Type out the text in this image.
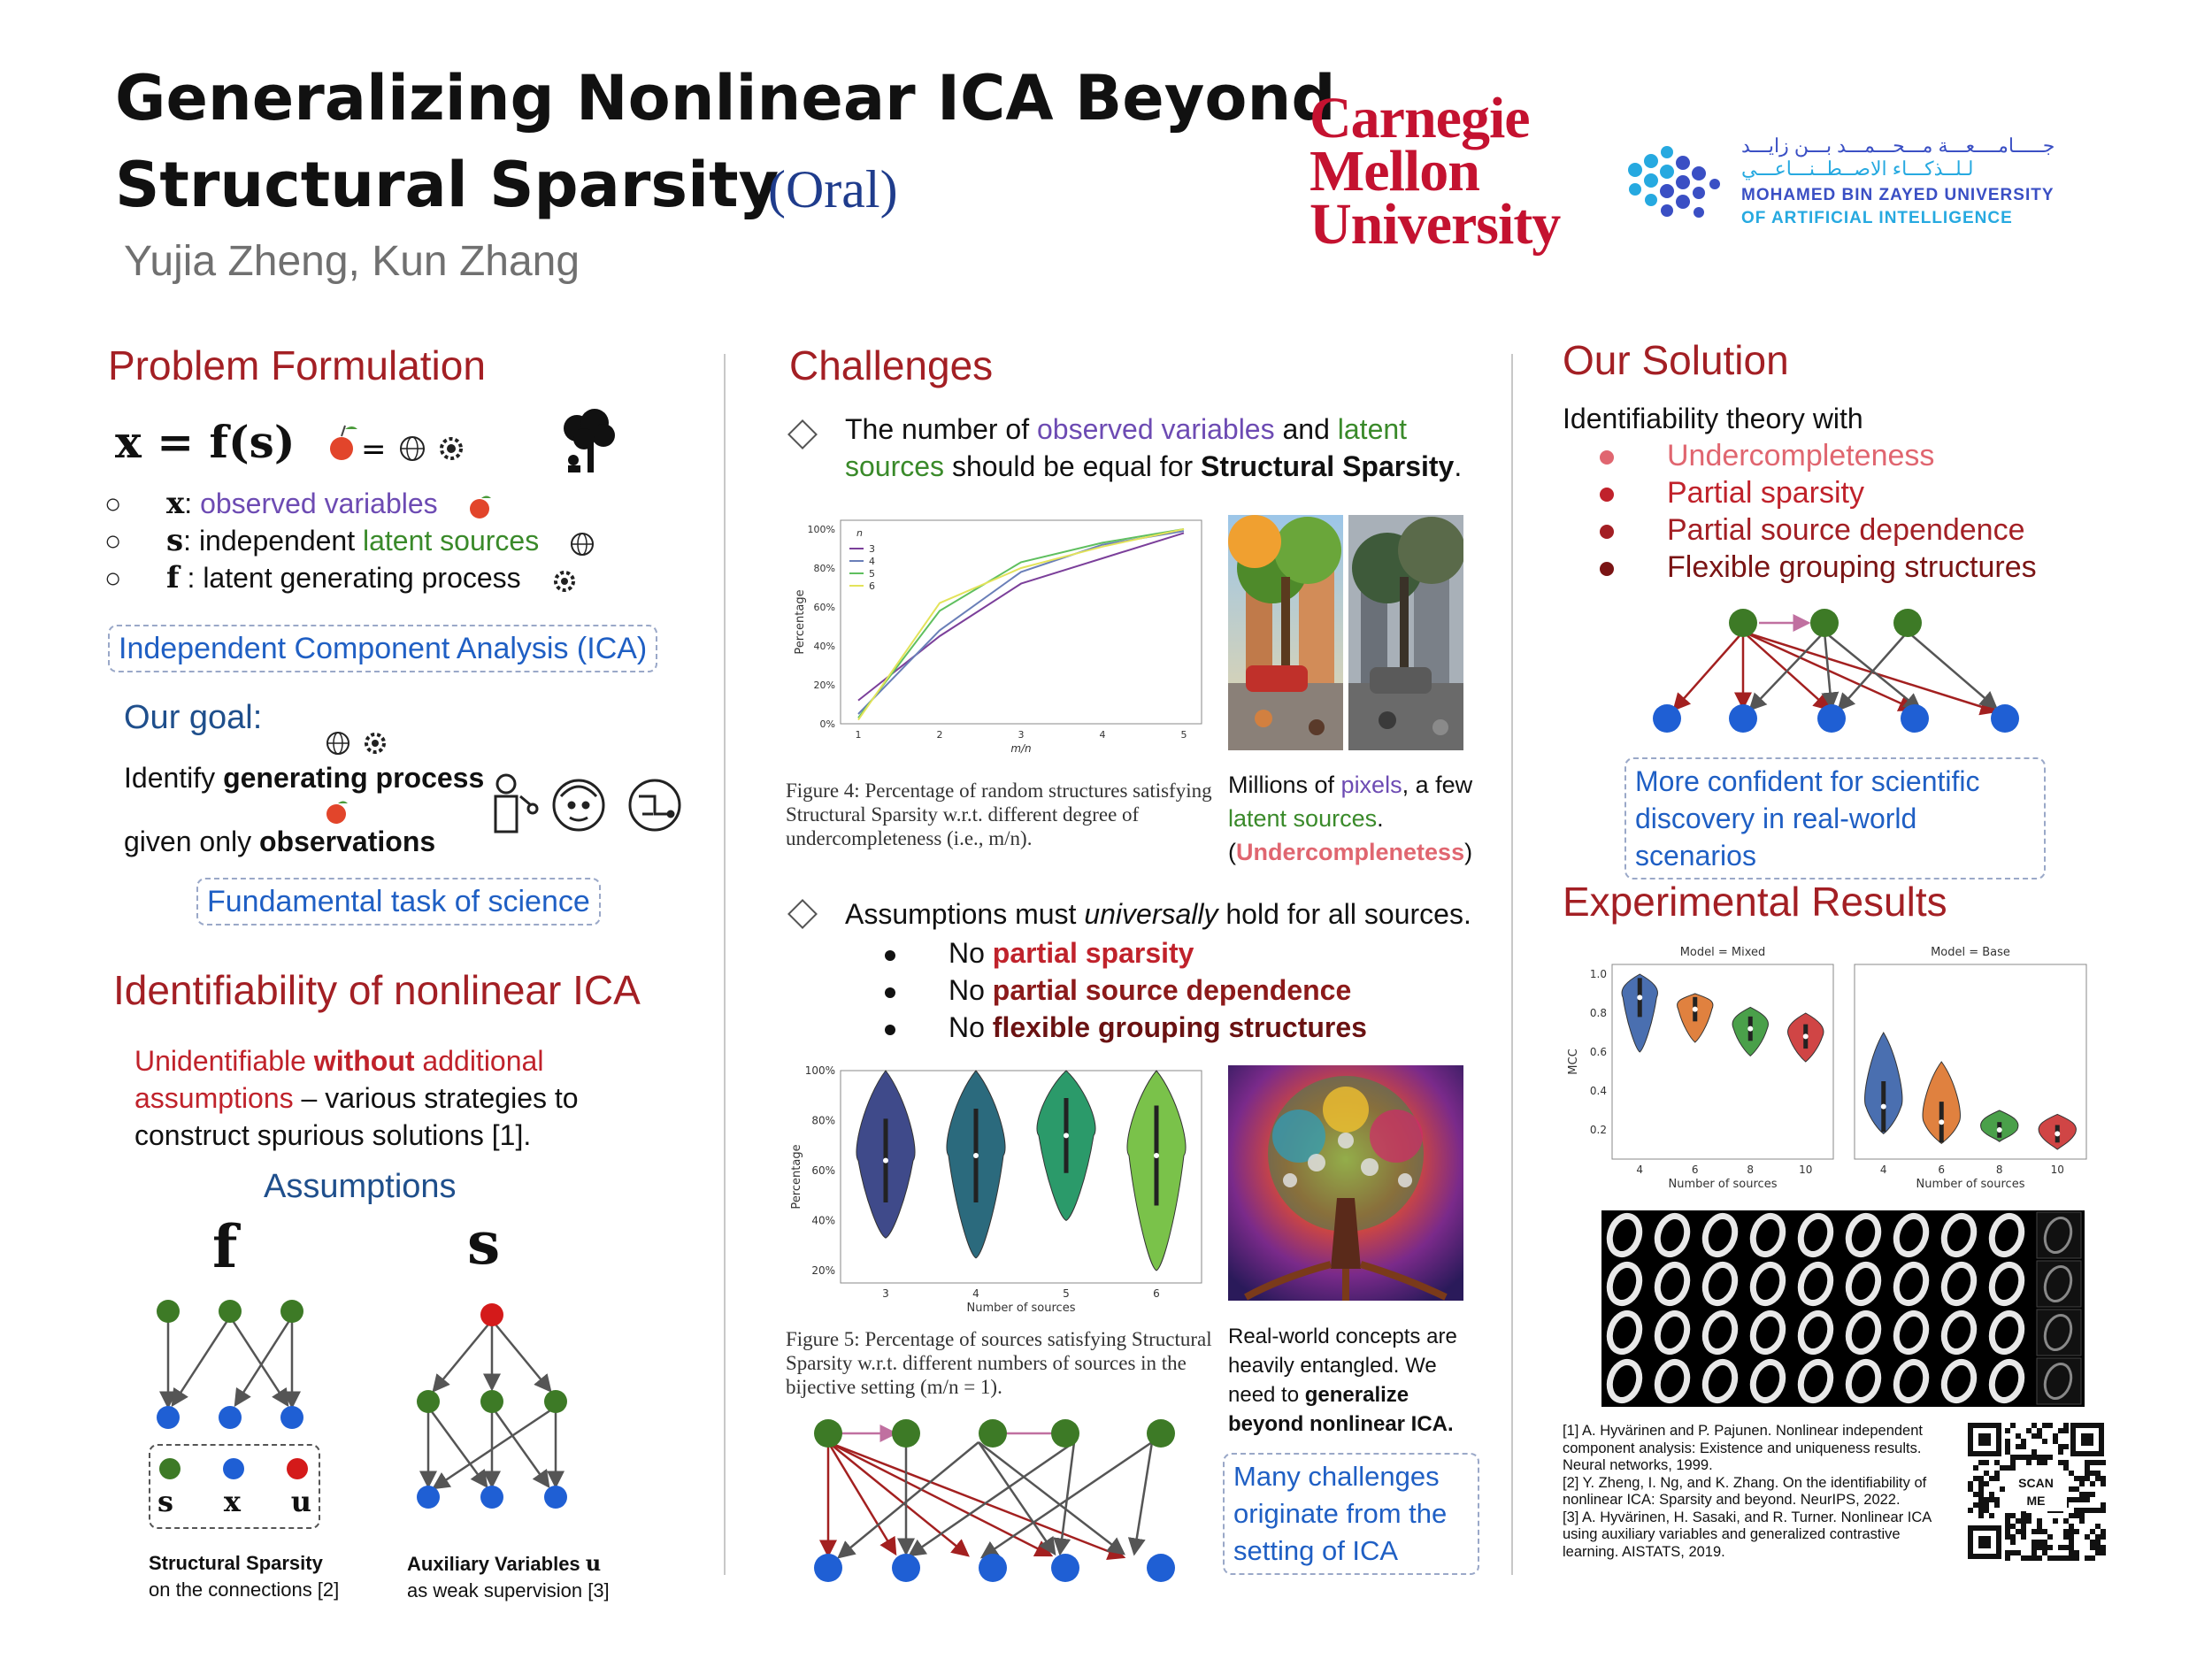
Generalizing Nonlinear ICA Beyond
Structural Sparsity
(Oral)
Yujia Zheng, Kun Zhang
Carnegie
Mellon
University
جـــــامــــعـــة مـــحـــمـــد بـــن زايـــد
لـلــذكـــاء الاصــطــنـــاعـــي
MOHAMED BIN ZAYED UNIVERSITY
OF ARTIFICIAL INTELLIGENCE
Problem Formulation
x = f(s) =
○ x: observed variables
○ s: independent latent sources
○ f : latent generating process
Independent Component Analysis (ICA)
Our goal:
Identify generating process
given only observations
Fundamental task of science
Identifiability of nonlinear ICA
Unidentifiable without additional
assumptions – various strategies to construct spurious solutions [1].
Assumptions
f	s
s x u
Structural Sparsity
on the connections [2]
Auxiliary Variables u
as weak supervision [3]
Challenges
The number of observed variables and latent sources should be equal for Structural Sparsity.
0%
20%
40%
60%
80%
100%
1	2	3	4	5
m/n
Percentage
n
3
4
5
6
Figure 4: Percentage of random structures satisfying Structural Sparsity w.r.t. different degree of undercompleteness (i.e., m/n).
Millions of pixels, a few latent sources.
(Undercomplenetess)
Assumptions must universally hold for all sources.
No partial sparsity
No partial source dependence
No flexible grouping structures
20%
40%
60%
80%
100%
Percentage
3	4	5	6
Number of sources
Figure 5: Percentage of sources satisfying Structural Sparsity w.r.t. different numbers of sources in the bijective setting (m/n = 1).
Real-world concepts are heavily entangled. We need to generalize beyond nonlinear ICA.
Many challenges originate from the setting of ICA
Our Solution
Identifiability theory with
Undercompleteness
Partial sparsity
Partial source dependence
Flexible grouping structures
More confident for scientific discovery in real-world scenarios
Experimental Results
Model = Mixed
0.2
0.4
0.6
0.8
1.0
MCC
4	6	8	10
Number of sources
Model = Base
4	6	8	10
Number of sources
[1] A. Hyvärinen and P. Pajunen. Nonlinear independent component analysis: Existence and uniqueness results. Neural networks, 1999.
[2] Y. Zheng, I. Ng, and K. Zhang. On the identifiability of nonlinear ICA: Sparsity and beyond. NeurIPS, 2022.
[3] A. Hyvärinen, H. Sasaki, and R. Turner. Nonlinear ICA using auxiliary variables and generalized contrastive learning. AISTATS, 2019.
SCAN ME
